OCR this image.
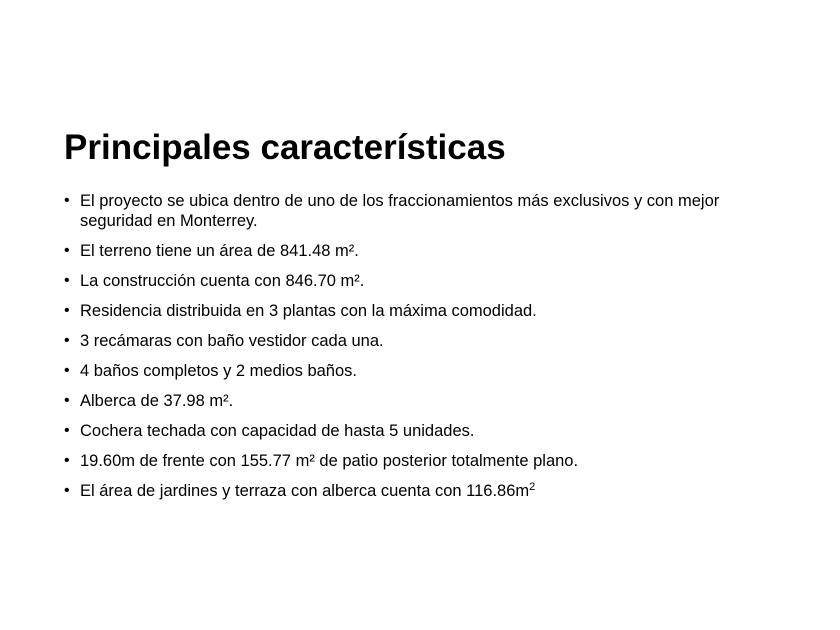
Principales características
• El proyecto se ubica dentro de uno de los fraccionamientos más exclusivos y con mejor seguridad en Monterrey.
• El terreno tiene un área de 841.48 m².
• La construcción cuenta con 846.70 m².
• Residencia distribuida en 3 plantas con la máxima comodidad.
• 3 recámaras con baño vestidor cada una.
• 4 baños completos y 2 medios baños.
• Alberca de 37.98 m².
• Cochera techada con capacidad de hasta 5 unidades.
• 19.60m de frente con 155.77 m² de patio posterior totalmente plano.
• El área de jardines y terraza con alberca cuenta con $116.86m^2$
